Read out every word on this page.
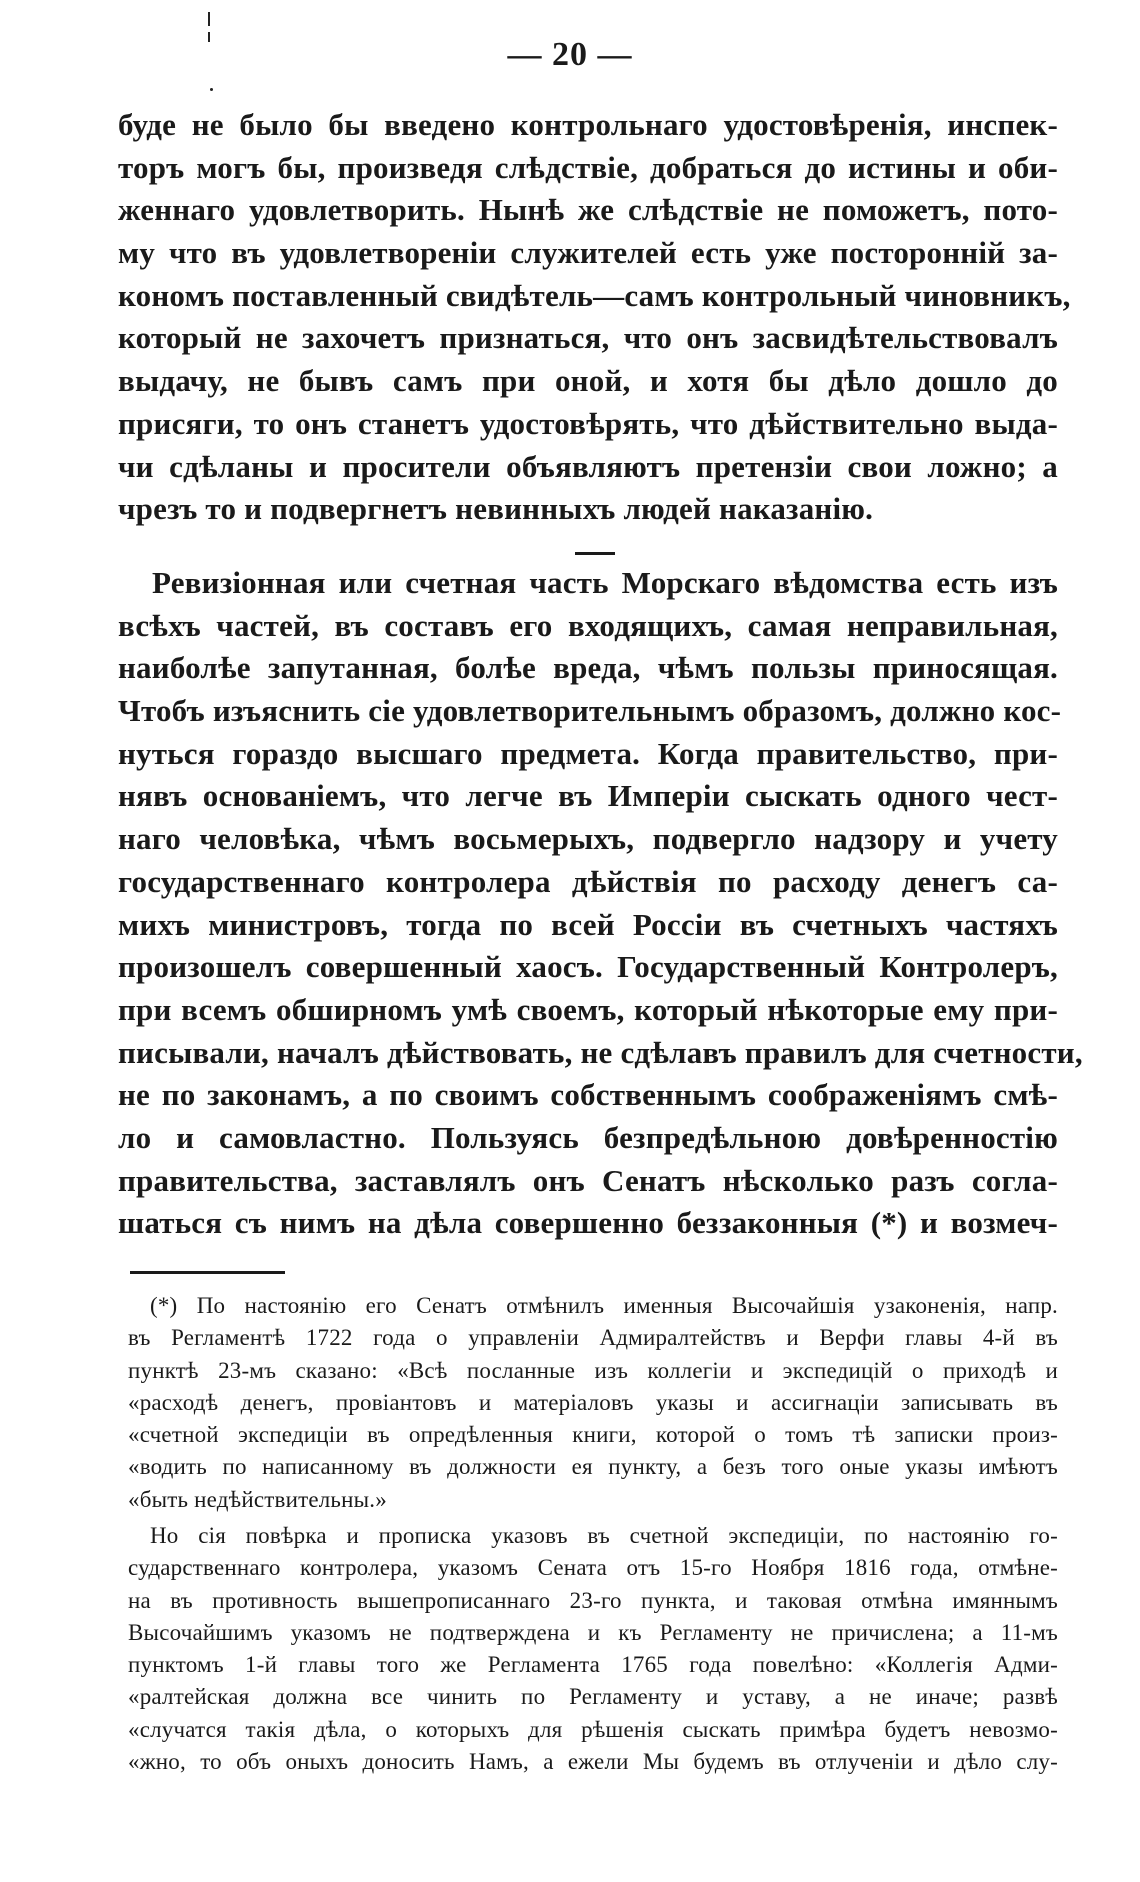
— 20 —
буде не было бы введено контрольнаго удостовѣренія, инспек-
торъ могъ бы, произведя слѣдствіе, добраться до истины и оби-
женнаго удовлетворить. Нынѣ же слѣдствіе не поможетъ, пото-
му что въ удовлетвореніи служителей есть уже посторонній за-
кономъ поставленный свидѣтель—самъ контрольный чиновникъ,
который не захочетъ признаться, что онъ засвидѣтельствовалъ
выдачу, не бывъ самъ при оной, и хотя бы дѣло дошло до
присяги, то онъ станетъ удостовѣрять, что дѣйствительно выда-
чи сдѣланы и просители объявляютъ претензіи свои ложно; а
чрезъ то и подвергнетъ невинныхъ людей наказанію.
Ревизіонная или счетная часть Морскаго вѣдомства есть изъ
всѣхъ частей, въ составъ его входящихъ, самая неправильная,
наиболѣе запутанная, болѣе вреда, чѣмъ пользы приносящая.
Чтобъ изъяснить сіе удовлетворительнымъ образомъ, должно кос-
нуться гораздо высшаго предмета. Когда правительство, при-
нявъ основаніемъ, что легче въ Имперіи сыскать одного чест-
наго человѣка, чѣмъ восьмерыхъ, подвергло надзору и учету
государственнаго контролера дѣйствія по расходу денегъ са-
михъ министровъ, тогда по всей Россіи въ счетныхъ частяхъ
произошелъ совершенный хаосъ. Государственный Контролеръ,
при всемъ обширномъ умѣ своемъ, который нѣкоторые ему при-
писывали, началъ дѣйствовать, не сдѣлавъ правилъ для счетности,
не по законамъ, а по своимъ собственнымъ соображеніямъ смѣ-
ло и самовластно. Пользуясь безпредѣльною довѣренностію
правительства, заставлялъ онъ Сенатъ нѣсколько разъ согла-
шаться съ нимъ на дѣла совершенно беззаконныя (*) и возмеч-
(*) По настоянію его Сенатъ отмѣнилъ именныя Высочайшія узаконенія, напр.
въ Регламентѣ 1722 года о управленіи Адмиралтействъ и Верфи главы 4-й въ
пунктѣ 23-мъ сказано: «Всѣ посланные изъ коллегіи и экспедицій о приходѣ и
«расходѣ денегъ, провіантовъ и матеріаловъ указы и ассигнаціи записывать въ
«счетной экспедиціи въ опредѣленныя книги, которой о томъ тѣ записки произ-
«водить по написанному въ должности ея пункту, а безъ того оные указы имѣютъ
«быть недѣйствительны.»
Но сія повѣрка и прописка указовъ въ счетной экспедиціи, по настоянію го-
сударственнаго контролера, указомъ Сената отъ 15-го Ноября 1816 года, отмѣне-
на въ противность вышепрописаннаго 23-го пункта, и таковая отмѣна имяннымъ
Высочайшимъ указомъ не подтверждена и къ Регламенту не причислена; а 11-мъ
пунктомъ 1-й главы того же Регламента 1765 года повелѣно: «Коллегія Адми-
«ралтейская должна все чинить по Регламенту и уставу, а не иначе; развѣ
«случатся такія дѣла, о которыхъ для рѣшенія сыскать примѣра будетъ невозмо-
«жно, то объ оныхъ доносить Намъ, а ежели Мы будемъ въ отлученіи и дѣло слу-
